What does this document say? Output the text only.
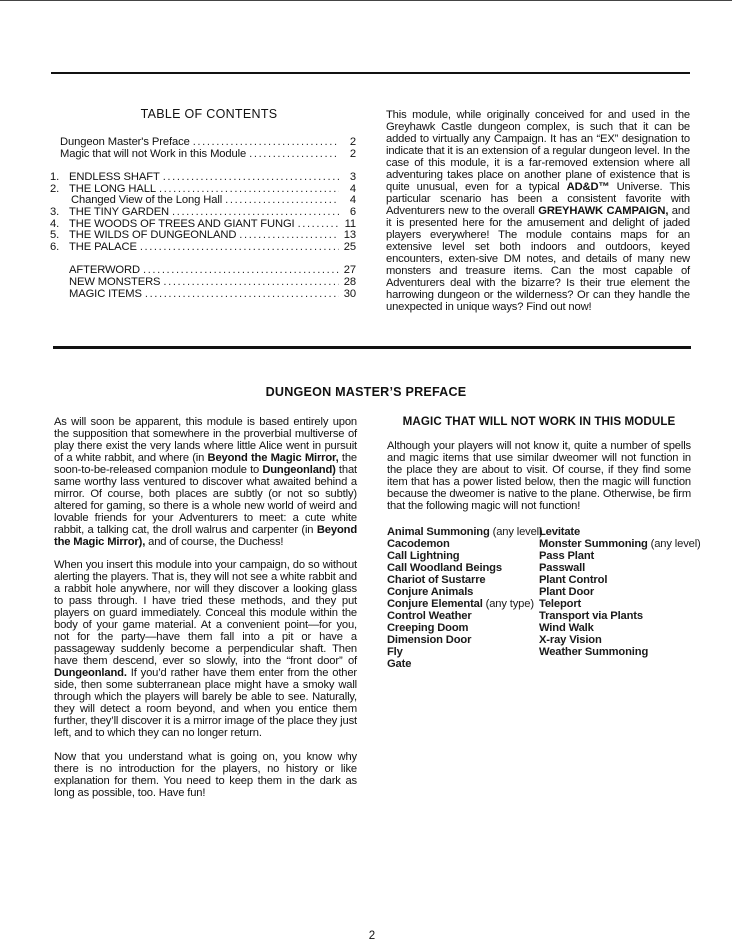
TABLE OF CONTENTS
Dungeon Master's Preface .....	2
Magic that will not Work in this Module .....	2
1. ENDLESS SHAFT .....	3
2. THE LONG HALL .....	4
Changed View of the Long Hall .....	4
3. THE TINY GARDEN .....	6
4. THE WOODS OF TREES AND GIANT FUNGI .....	11
5. THE WILDS OF DUNGEONLAND .....	13
6. THE PALACE .....	25
AFTERWORD .....	27
NEW MONSTERS .....	28
MAGIC ITEMS .....	30
This module, while originally conceived for and used in the Greyhawk Castle dungeon complex, is such that it can be added to virtually any Campaign. It has an “EX” designation to indicate that it is an extension of a regular dungeon level. In the case of this module, it is a far-removed extension where all adventuring takes place on another plane of existence that is quite unusual, even for a typical AD&D™ Universe. This particular scenario has been a consistent favorite with Adventurers new to the overall GREYHAWK CAMPAIGN, and it is presented here for the amusement and delight of jaded players everywhere! The module contains maps for an extensive level set both indoors and outdoors, keyed encounters, exten-sive DM notes, and details of many new monsters and treasure items. Can the most capable of Adventurers deal with the bizarre? Is their true element the harrowing dungeon or the wilderness? Or can they handle the unexpected in unique ways? Find out now!
DUNGEON MASTER’S PREFACE

As will soon be apparent, this module is based entirely upon the supposition that somewhere in the proverbial multiverse of play there exist the very lands where little Alice went in pursuit of a white rabbit, and where (in Beyond the Magic Mirror, the soon-to-be-released companion module to Dungeonland) that same worthy lass ventured to discover what awaited behind a mirror. Of course, both places are subtly (or not so subtly) altered for gaming, so there is a whole new world of weird and lovable friends for your Adventurers to meet: a cute white rabbit, a talking cat, the droll walrus and carpenter (in Beyond the Magic Mirror), and of course, the Duchess!

When you insert this module into your campaign, do so without alerting the players. That is, they will not see a white rabbit and a rabbit hole anywhere, nor will they discover a looking glass to pass through. I have tried these methods, and they put players on guard immediately. Conceal this module within the body of your game material. At a convenient point—for you, not for the party—have them fall into a pit or have a passageway suddenly become a perpendicular shaft. Then have them descend, ever so slowly, into the “front door” of Dungeonland. If you’d rather have them enter from the other side, then some subterranean place might have a smoky wall through which the players will barely be able to see. Naturally, they will detect a room beyond, and when you entice them further, they’ll discover it is a mirror image of the place they just left, and to which they can no longer return.

Now that you understand what is going on, you know why there is no introduction for the players, no history or like explanation for them. You need to keep them in the dark as long as possible, too. Have fun!

MAGIC THAT WILL NOT WORK IN THIS MODULE
Although your players will not know it, quite a number of spells and magic items that use similar dweomer will not function in the place they are about to visit. Of course, if they find some item that has a power listed below, then the magic will function because the dweomer is native to the plane. Otherwise, be firm that the following magic will not function!
Animal Summoning (any level)
Cacodemon
Call Lightning
Call Woodland Beings
Chariot of Sustarre
Conjure Animals
Conjure Elemental (any type)
Control Weather
Creeping Doom
Dimension Door
Fly
Gate
Levitate
Monster Summoning (any level)
Pass Plant
Passwall
Plant Control
Plant Door
Teleport
Transport via Plants
Wind Walk
X-ray Vision
Weather Summoning
2
